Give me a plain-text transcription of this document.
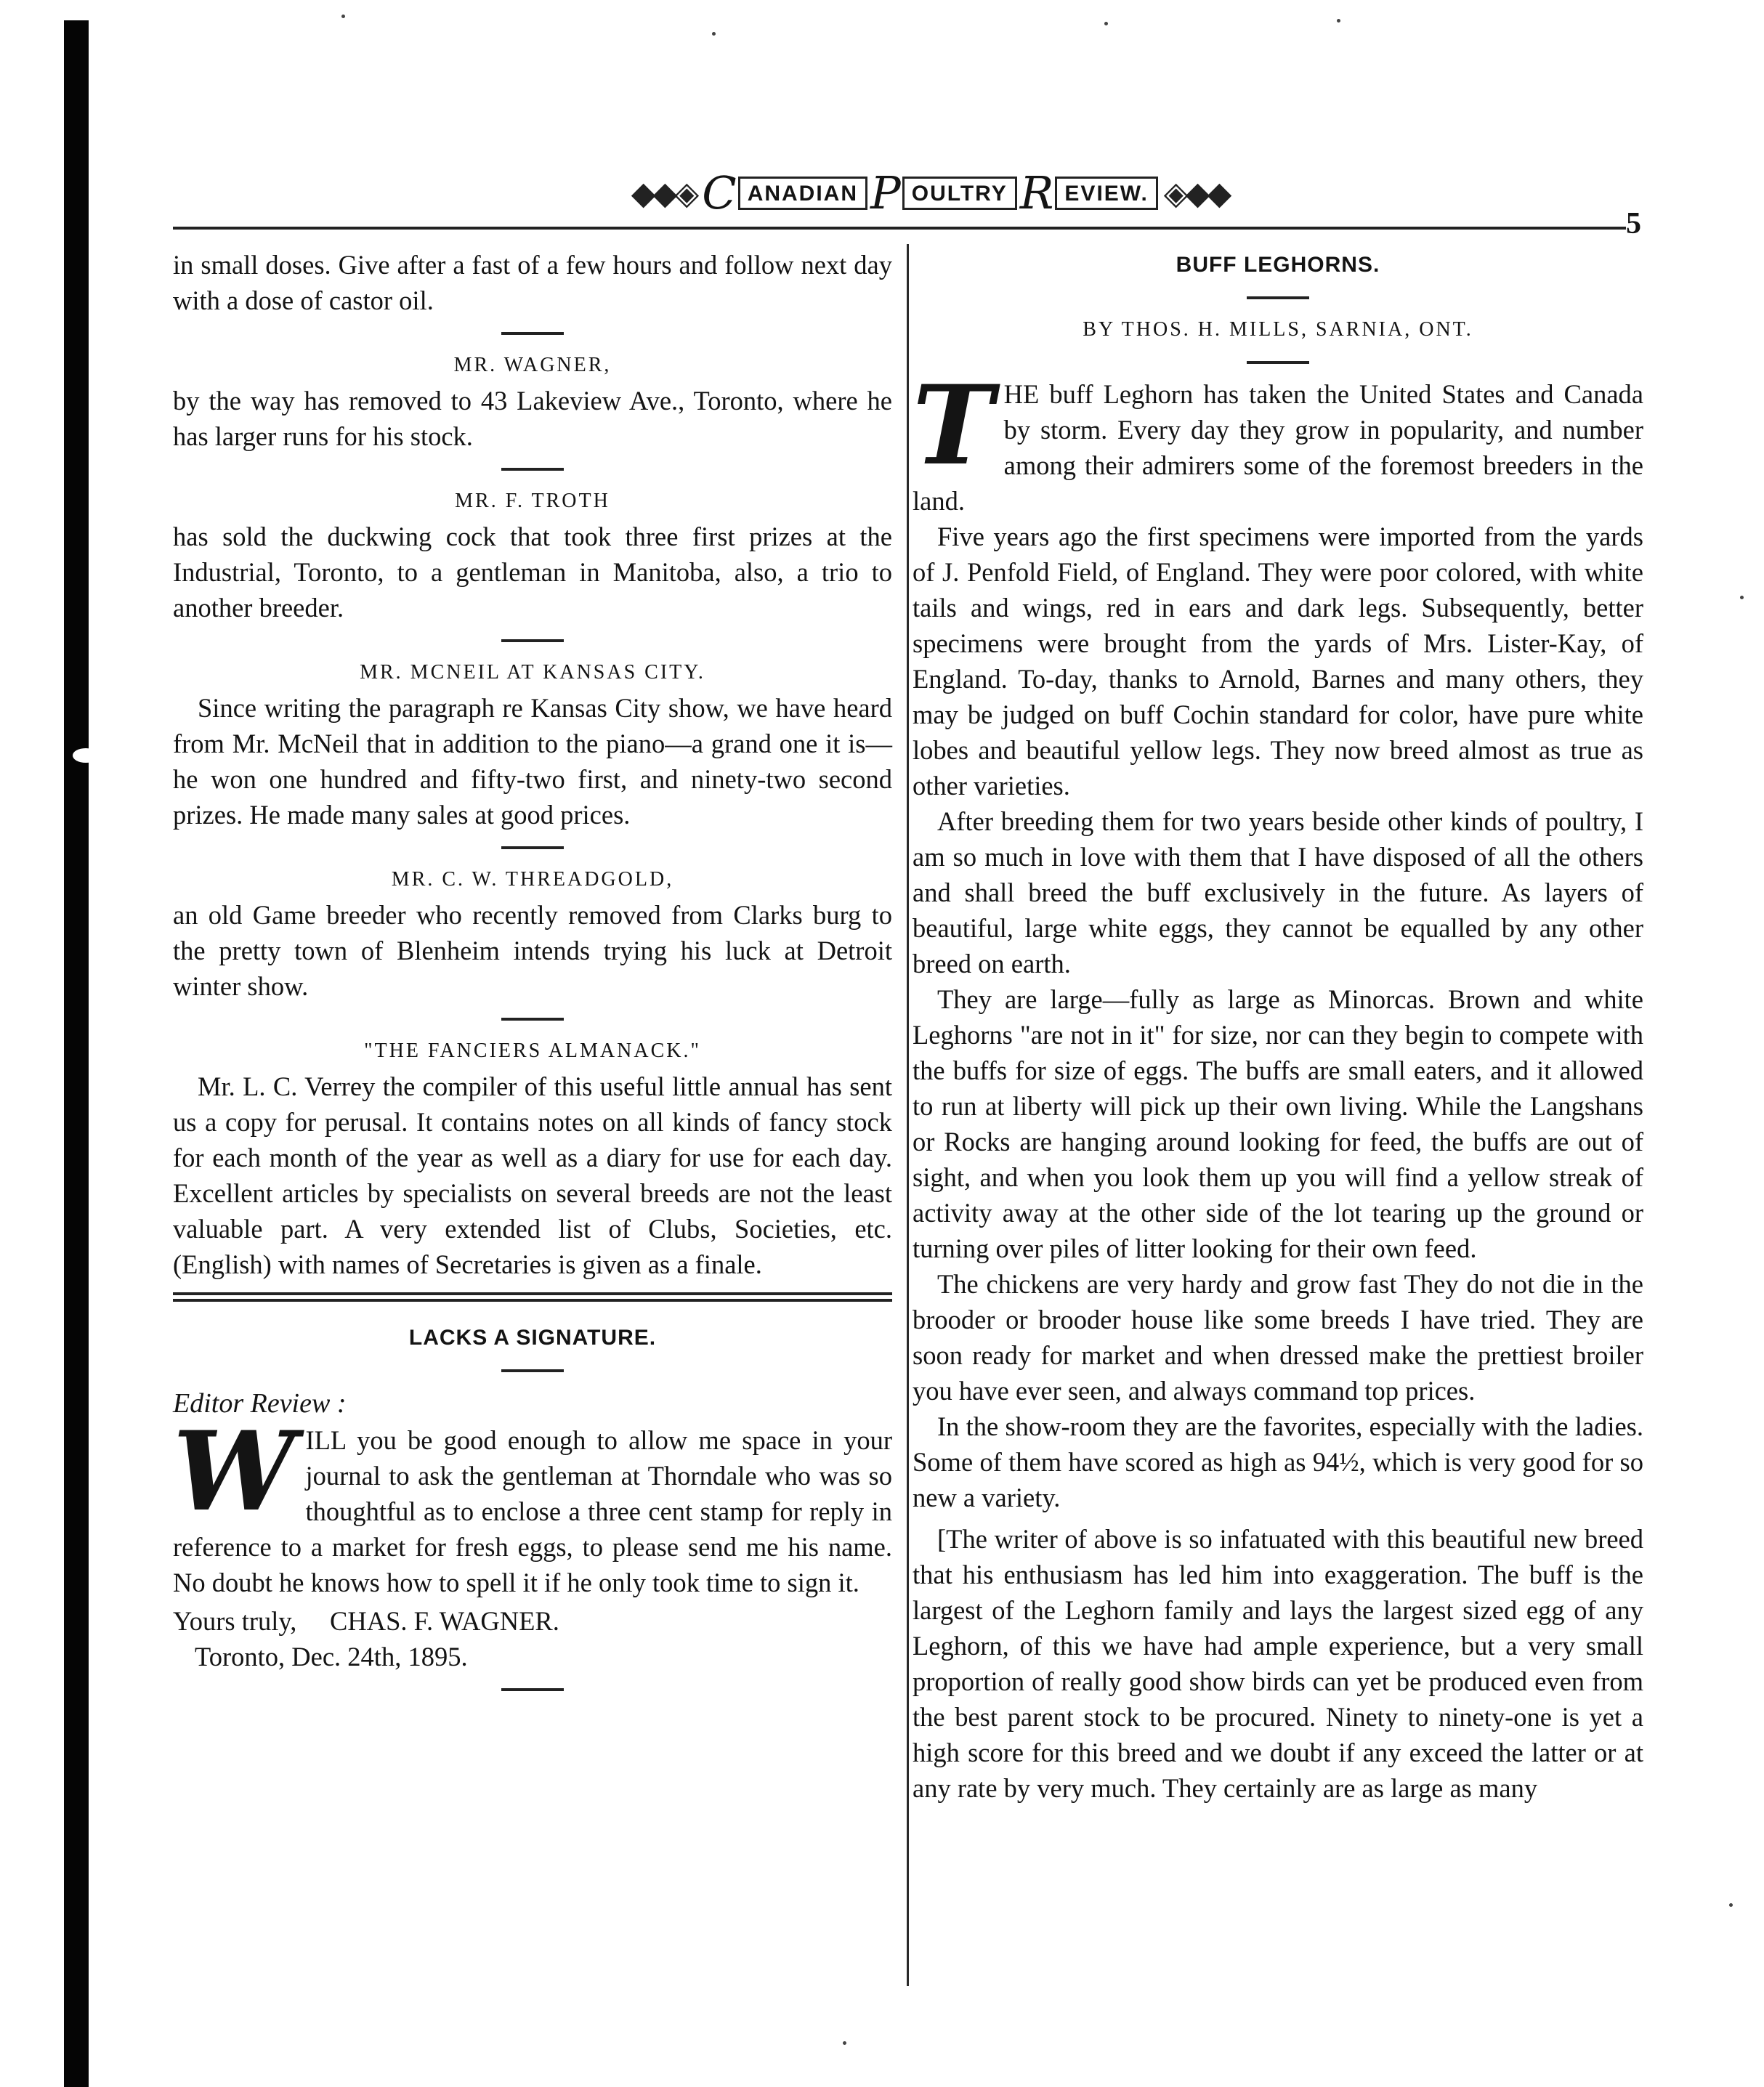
◆◆◈ C ANADIAN P OULTRY R EVIEW. ◈◆◆
5

in small doses. Give after a fast of a few hours and follow next day with a dose of castor oil.

MR. WAGNER,

by the way has removed to 43 Lakeview Ave., Toronto, where he has larger runs for his stock.

MR. F. TROTH

has sold the duckwing cock that took three first prizes at the Industrial, Toronto, to a gentleman in Manitoba, also, a trio to another breeder.

MR. MCNEIL AT KANSAS CITY.

Since writing the paragraph re Kansas City show, we have heard from Mr. McNeil that in addition to the piano—a grand one it is—he won one hundred and fifty-two first, and ninety-two second prizes. He made many sales at good prices.

MR. C. W. THREADGOLD,

an old Game breeder who recently removed from Clarks burg to the pretty town of Blenheim intends trying his luck at Detroit winter show.

"THE FANCIERS ALMANACK."

Mr. L. C. Verrey the compiler of this useful little annual has sent us a copy for perusal. It contains notes on all kinds of fancy stock for each month of the year as well as a diary for use for each day. Excellent articles by specialists on several breeds are not the least valuable part. A very extended list of Clubs, Societies, etc. (English) with names of Secretaries is given as a finale.

LACKS A SIGNATURE.

Editor Review :

WILL you be good enough to allow me space in your journal to ask the gentleman at Thorndale who was so thoughtful as to enclose a three cent stamp for reply in reference to a market for fresh eggs, to please send me his name. No doubt he knows how to spell it if he only took time to sign it.

Yours truly, CHAS. F. WAGNER.

Toronto, Dec. 24th, 1895.

BUFF LEGHORNS.

BY THOS. H. MILLS, SARNIA, ONT.

THE buff Leghorn has taken the United States and Canada by storm. Every day they grow in popularity, and number among their admirers some of the foremost breeders in the land.

Five years ago the first specimens were imported from the yards of J. Penfold Field, of England. They were poor colored, with white tails and wings, red in ears and dark legs. Subsequently, better specimens were brought from the yards of Mrs. Lister-Kay, of England. To-day, thanks to Arnold, Barnes and many others, they may be judged on buff Cochin standard for color, have pure white lobes and beautiful yellow legs. They now breed almost as true as other varieties.

After breeding them for two years beside other kinds of poultry, I am so much in love with them that I have disposed of all the others and shall breed the buff exclusively in the future. As layers of beautiful, large white eggs, they cannot be equalled by any other breed on earth.

They are large—fully as large as Minorcas. Brown and white Leghorns "are not in it" for size, nor can they begin to compete with the buffs for size of eggs. The buffs are small eaters, and it allowed to run at liberty will pick up their own living. While the Langshans or Rocks are hanging around looking for feed, the buffs are out of sight, and when you look them up you will find a yellow streak of activity away at the other side of the lot tearing up the ground or turning over piles of litter looking for their own feed.

The chickens are very hardy and grow fast They do not die in the brooder or brooder house like some breeds I have tried. They are soon ready for market and when dressed make the prettiest broiler you have ever seen, and always command top prices.

In the show-room they are the favorites, especially with the ladies. Some of them have scored as high as 94½, which is very good for so new a variety.

[The writer of above is so infatuated with this beautiful new breed that his enthusiasm has led him into exaggeration. The buff is the largest of the Leghorn family and lays the largest sized egg of any Leghorn, of this we have had ample experience, but a very small proportion of really good show birds can yet be produced even from the best parent stock to be procured. Ninety to ninety-one is yet a high score for this breed and we doubt if any exceed the latter or at any rate by very much. They certainly are as large as many
